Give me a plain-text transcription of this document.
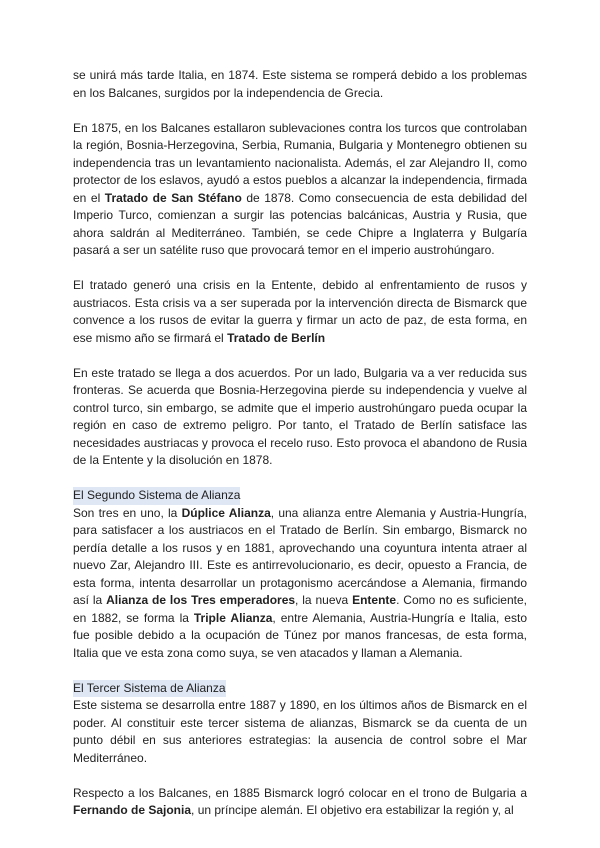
se unirá más tarde Italia, en 1874. Este sistema se romperá debido a los problemas en los Balcanes, surgidos por la independencia de Grecia.

En 1875, en los Balcanes estallaron sublevaciones contra los turcos que controlaban la región, Bosnia-Herzegovina, Serbia, Rumania, Bulgaria y Montenegro obtienen su independencia tras un levantamiento nacionalista. Además, el zar Alejandro II, como protector de los eslavos, ayudó a estos pueblos a alcanzar la independencia, firmada en el Tratado de San Stéfano de 1878. Como consecuencia de esta debilidad del Imperio Turco, comienzan a surgir las potencias balcánicas, Austria y Rusia, que ahora saldrán al Mediterráneo. También, se cede Chipre a Inglaterra y Bulgaría pasará a ser un satélite ruso que provocará temor en el imperio austrohúngaro.

El tratado generó una crisis en la Entente, debido al enfrentamiento de rusos y austriacos. Esta crisis va a ser superada por la intervención directa de Bismarck que convence a los rusos de evitar la guerra y firmar un acto de paz, de esta forma, en ese mismo año se firmará el Tratado de Berlín

En este tratado se llega a dos acuerdos. Por un lado, Bulgaria va a ver reducida sus fronteras. Se acuerda que Bosnia-Herzegovina pierde su independencia y vuelve al control turco, sin embargo, se admite que el imperio austrohúngaro pueda ocupar la región en caso de extremo peligro. Por tanto, el Tratado de Berlín satisface las necesidades austriacas y provoca el recelo ruso. Esto provoca el abandono de Rusia de la Entente y la disolución en 1878.

El Segundo Sistema de Alianza

Son tres en uno, la Dúplice Alianza, una alianza entre Alemania y Austria-Hungría, para satisfacer a los austriacos en el Tratado de Berlín. Sin embargo, Bismarck no perdía detalle a los rusos y en 1881, aprovechando una coyuntura intenta atraer al nuevo Zar, Alejandro III. Este es antirrevolucionario, es decir, opuesto a Francia, de esta forma, intenta desarrollar un protagonismo acercándose a Alemania, firmando así la Alianza de los Tres emperadores, la nueva Entente. Como no es suficiente, en 1882, se forma la Triple Alianza, entre Alemania, Austria-Hungría e Italia, esto fue posible debido a la ocupación de Túnez por manos francesas, de esta forma, Italia que ve esta zona como suya, se ven atacados y llaman a Alemania.

El Tercer Sistema de Alianza

Este sistema se desarrolla entre 1887 y 1890, en los últimos años de Bismarck en el poder. Al constituir este tercer sistema de alianzas, Bismarck se da cuenta de un punto débil en sus anteriores estrategias: la ausencia de control sobre el Mar Mediterráneo.

Respecto a los Balcanes, en 1885 Bismarck logró colocar en el trono de Bulgaria a Fernando de Sajonia, un príncipe alemán. El objetivo era estabilizar la región y, al
